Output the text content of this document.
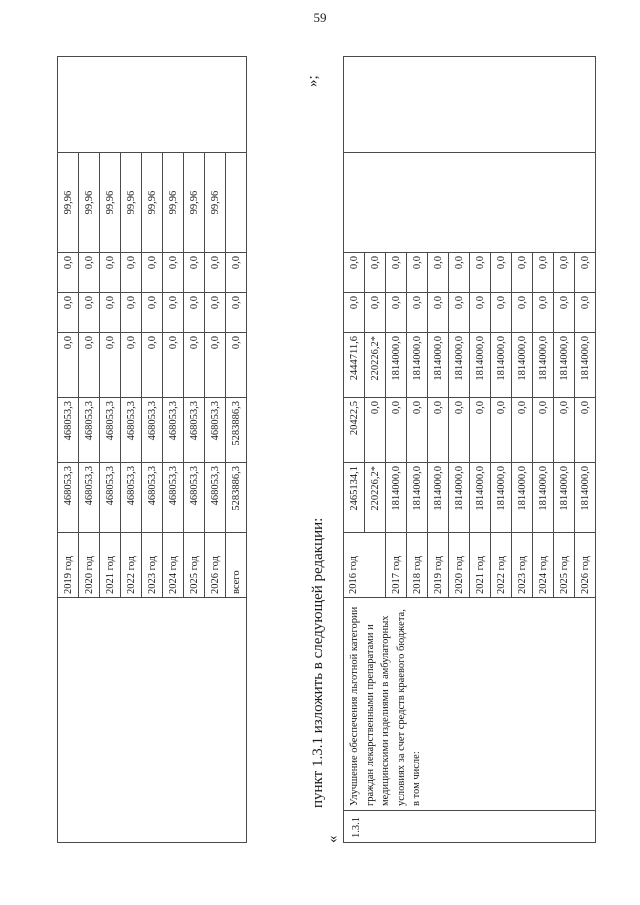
59
	2019 год	468053,3	468053,3	0,0	0,0	0,0	99,96	
	2020 год	468053,3	468053,3	0,0	0,0	0,0	99,96	
	2021 год	468053,3	468053,3	0,0	0,0	0,0	99,96	
	2022 год	468053,3	468053,3	0,0	0,0	0,0	99,96	
	2023 год	468053,3	468053,3	0,0	0,0	0,0	99,96	
	2024 год	468053,3	468053,3	0,0	0,0	0,0	99,96	
	2025 год	468053,3	468053,3	0,0	0,0	0,0	99,96	
	2026 год	468053,3	468053,3	0,0	0,0	0,0	99,96	
	всего	5283886,3	5283886,3	0,0	0,0	0,0		
пункт 1.3.1 изложить в следующей редакции:
»;
«
1.3.1	Улучшение обеспечения льготной категории граждан лекарственными препаратами и медицинскими изделиями в амбулаторных условиях за счет средств краевого бюджета, в том числе:	2016 год	2465134,1	20422,5	2444711,6	0,0	0,0		
			220226,2*	0,0	220226,2*	0,0	0,0		
		2017 год	1814000,0	0,0	1814000,0	0,0	0,0		
		2018 год	1814000,0	0,0	1814000,0	0,0	0,0		
		2019 год	1814000,0	0,0	1814000,0	0,0	0,0		
		2020 год	1814000,0	0,0	1814000,0	0,0	0,0		
		2021 год	1814000,0	0,0	1814000,0	0,0	0,0		
		2022 год	1814000,0	0,0	1814000,0	0,0	0,0		
		2023 год	1814000,0	0,0	1814000,0	0,0	0,0		
		2024 год	1814000,0	0,0	1814000,0	0,0	0,0		
		2025 год	1814000,0	0,0	1814000,0	0,0	0,0		
		2026 год	1814000,0	0,0	1814000,0	0,0	0,0		
